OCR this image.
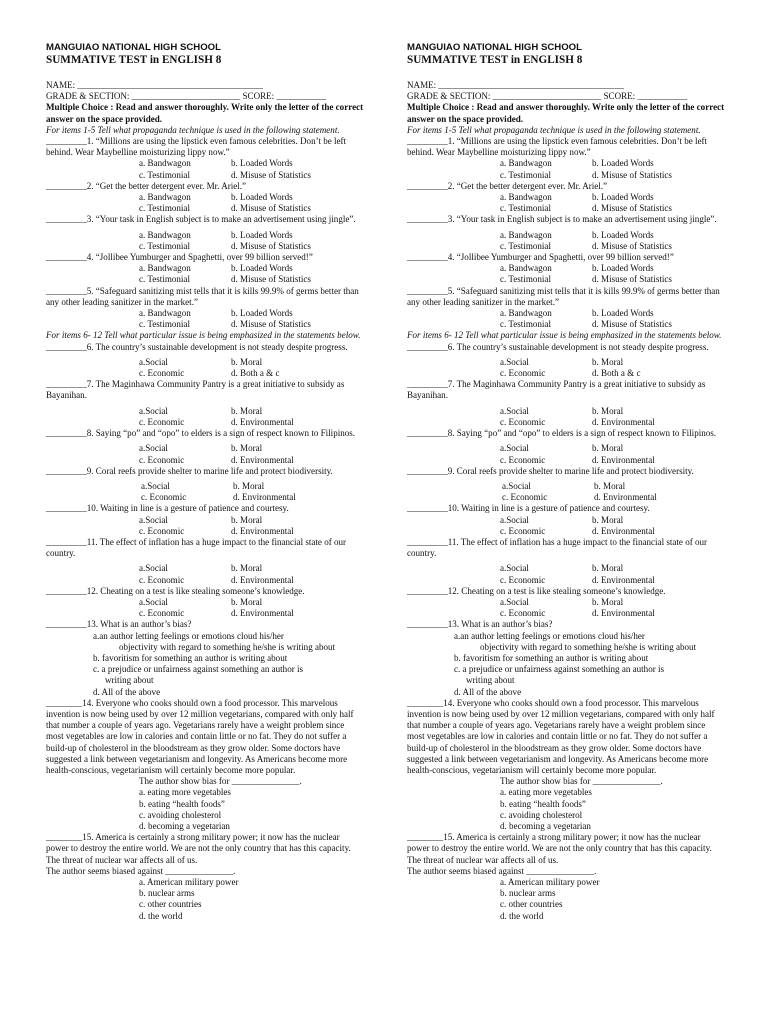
MANGUIAO NATIONAL HIGH SCHOOL
SUMMATIVE TEST in ENGLISH 8
NAME: _________________________________________
GRADE & SECTION: ________________________ SCORE: ___________
Multiple Choice : Read and answer thoroughly. Write only the letter of the correct answer on the space provided.
For items 1-5 Tell what propaganda technique is used in the following statement.
_________1. “Millions are using the lipstick even famous celebrities. Don’t be left behind. Wear Maybelline moisturizing lippy now.”
a. Bandwagon	b. Loaded Words
c. Testimonial	d. Misuse of Statistics
_________2. “Get the better detergent ever. Mr. Ariel.”
a. Bandwagon	b. Loaded Words
c. Testimonial	d. Misuse of Statistics
_________3. “Your task in English subject is to make an advertisement using jingle”.
a. Bandwagon	b. Loaded Words
c. Testimonial	d. Misuse of Statistics
_________4. “Jollibee Yumburger and Spaghetti, over 99 billion served!”
a. Bandwagon	b. Loaded Words
c. Testimonial	d. Misuse of Statistics
_________5. “Safeguard sanitizing mist tells that it is kills 99.9% of germs better than any other leading sanitizer in the market.”
a. Bandwagon	b. Loaded Words
c. Testimonial	d. Misuse of Statistics
For items 6- 12 Tell what particular issue is being emphasized in the statements below.
_________6. The country’s sustainable development is not steady despite progress.
a.Social	b. Moral
c. Economic	d. Both a & c
_________7. The Maginhawa Community Pantry is a great initiative to subsidy as Bayanihan.
a.Social	b. Moral
c. Economic	d. Environmental
_________8. Saying “po” and “opo” to elders is a sign of respect known to Filipinos.
a.Social	b. Moral
c. Economic	d. Environmental
_________9. Coral reefs provide shelter to marine life and protect biodiversity.
a.Social	b. Moral
c. Economic	d. Environmental
_________10. Waiting in line is a gesture of patience and courtesy.
a.Social	b. Moral
c. Economic	d. Environmental
_________11. The effect of inflation has a huge impact to the financial state of our country.
a.Social	b. Moral
c. Economic	d. Environmental
_________12. Cheating on a test is like stealing someone’s knowledge.
a.Social	b. Moral
c. Economic	d. Environmental
_________13. What is an author’s bias?
a.an author letting feelings or emotions cloud his/her
objectivity with regard to something he/she is writing about
b. favoritism for something an author is writing about
c. a prejudice or unfairness against something an author is
writing about
d. All of the above
________14. Everyone who cooks should own a food processor. This marvelous invention is now being used by over 12 million vegetarians, compared with only half that number a couple of years ago. Vegetarians rarely have a weight problem since most vegetables are low in calories and contain little or no fat. They do not suffer a build-up of cholesterol in the bloodstream as they grow older. Some doctors have suggested a link between vegetarianism and longevity. As Americans become more health-conscious, vegetarianism will certainly become more popular.
The author show bias for _______________.
a. eating more vegetables
b. eating “health foods”
c. avoiding cholesterol
d. becoming a vegetarian
________15. America is certainly a strong military power; it now has the nuclear power to destroy the entire world. We are not the only country that has this capacity. The threat of nuclear war affects all of us.
The author seems biased against _______________.
a. American military power
b. nuclear arms
c. other countries
d. the world
MANGUIAO NATIONAL HIGH SCHOOL
SUMMATIVE TEST in ENGLISH 8
NAME: _________________________________________
GRADE & SECTION: ________________________ SCORE: ___________
Multiple Choice : Read and answer thoroughly. Write only the letter of the correct answer on the space provided.
For items 1-5 Tell what propaganda technique is used in the following statement.
_________1. “Millions are using the lipstick even famous celebrities. Don’t be left behind. Wear Maybelline moisturizing lippy now.”
a. Bandwagon	b. Loaded Words
c. Testimonial	d. Misuse of Statistics
_________2. “Get the better detergent ever. Mr. Ariel.”
a. Bandwagon	b. Loaded Words
c. Testimonial	d. Misuse of Statistics
_________3. “Your task in English subject is to make an advertisement using jingle”.
a. Bandwagon	b. Loaded Words
c. Testimonial	d. Misuse of Statistics
_________4. “Jollibee Yumburger and Spaghetti, over 99 billion served!”
a. Bandwagon	b. Loaded Words
c. Testimonial	d. Misuse of Statistics
_________5. “Safeguard sanitizing mist tells that it is kills 99.9% of germs better than any other leading sanitizer in the market.”
a. Bandwagon	b. Loaded Words
c. Testimonial	d. Misuse of Statistics
For items 6- 12 Tell what particular issue is being emphasized in the statements below.
_________6. The country’s sustainable development is not steady despite progress.
a.Social	b. Moral
c. Economic	d. Both a & c
_________7. The Maginhawa Community Pantry is a great initiative to subsidy as Bayanihan.
a.Social	b. Moral
c. Economic	d. Environmental
_________8. Saying “po” and “opo” to elders is a sign of respect known to Filipinos.
a.Social	b. Moral
c. Economic	d. Environmental
_________9. Coral reefs provide shelter to marine life and protect biodiversity.
a.Social	b. Moral
c. Economic	d. Environmental
_________10. Waiting in line is a gesture of patience and courtesy.
a.Social	b. Moral
c. Economic	d. Environmental
_________11. The effect of inflation has a huge impact to the financial state of our country.
a.Social	b. Moral
c. Economic	d. Environmental
_________12. Cheating on a test is like stealing someone’s knowledge.
a.Social	b. Moral
c. Economic	d. Environmental
_________13. What is an author’s bias?
a.an author letting feelings or emotions cloud his/her
objectivity with regard to something he/she is writing about
b. favoritism for something an author is writing about
c. a prejudice or unfairness against something an author is
writing about
d. All of the above
________14. Everyone who cooks should own a food processor. This marvelous invention is now being used by over 12 million vegetarians, compared with only half that number a couple of years ago. Vegetarians rarely have a weight problem since most vegetables are low in calories and contain little or no fat. They do not suffer a build-up of cholesterol in the bloodstream as they grow older. Some doctors have suggested a link between vegetarianism and longevity. As Americans become more health-conscious, vegetarianism will certainly become more popular.
The author show bias for _______________.
a. eating more vegetables
b. eating “health foods”
c. avoiding cholesterol
d. becoming a vegetarian
________15. America is certainly a strong military power; it now has the nuclear power to destroy the entire world. We are not the only country that has this capacity. The threat of nuclear war affects all of us.
The author seems biased against _______________.
a. American military power
b. nuclear arms
c. other countries
d. the world
